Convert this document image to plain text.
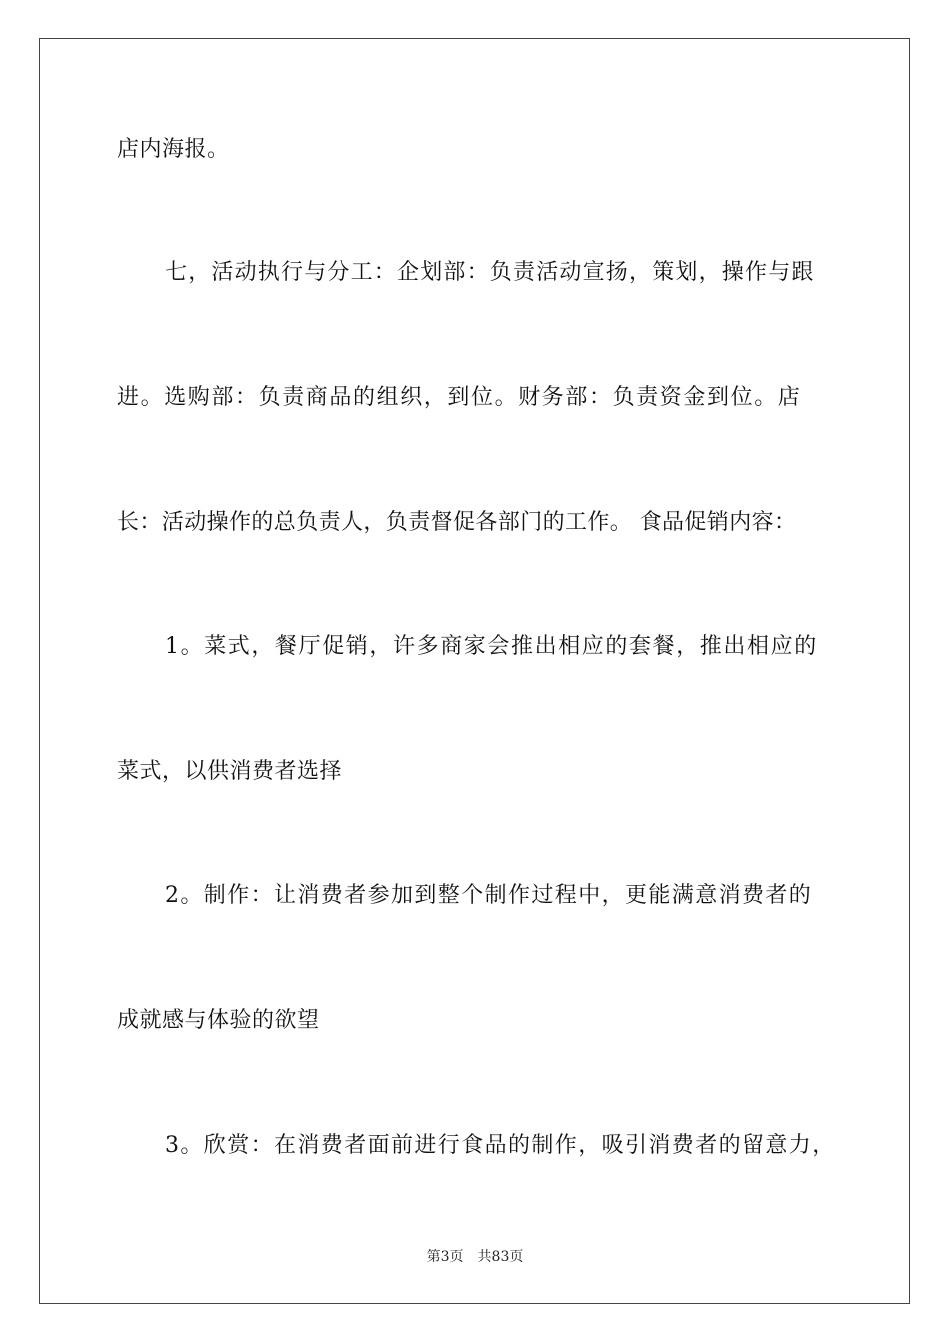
店内海报。
七，活动执行与分工：企划部：负责活动宣扬，策划，操作与跟
进。选购部：负责商品的组织，到位。财务部：负责资金到位。店
长：活动操作的总负责人，负责督促各部门的工作。 食品促销内容：
1。菜式，餐厅促销，许多商家会推出相应的套餐，推出相应的
菜式，以供消费者选择
2。制作：让消费者参加到整个制作过程中，更能满意消费者的
成就感与体验的欲望
3。欣赏：在消费者面前进行食品的制作，吸引消费者的留意力，
第3页 共83页
